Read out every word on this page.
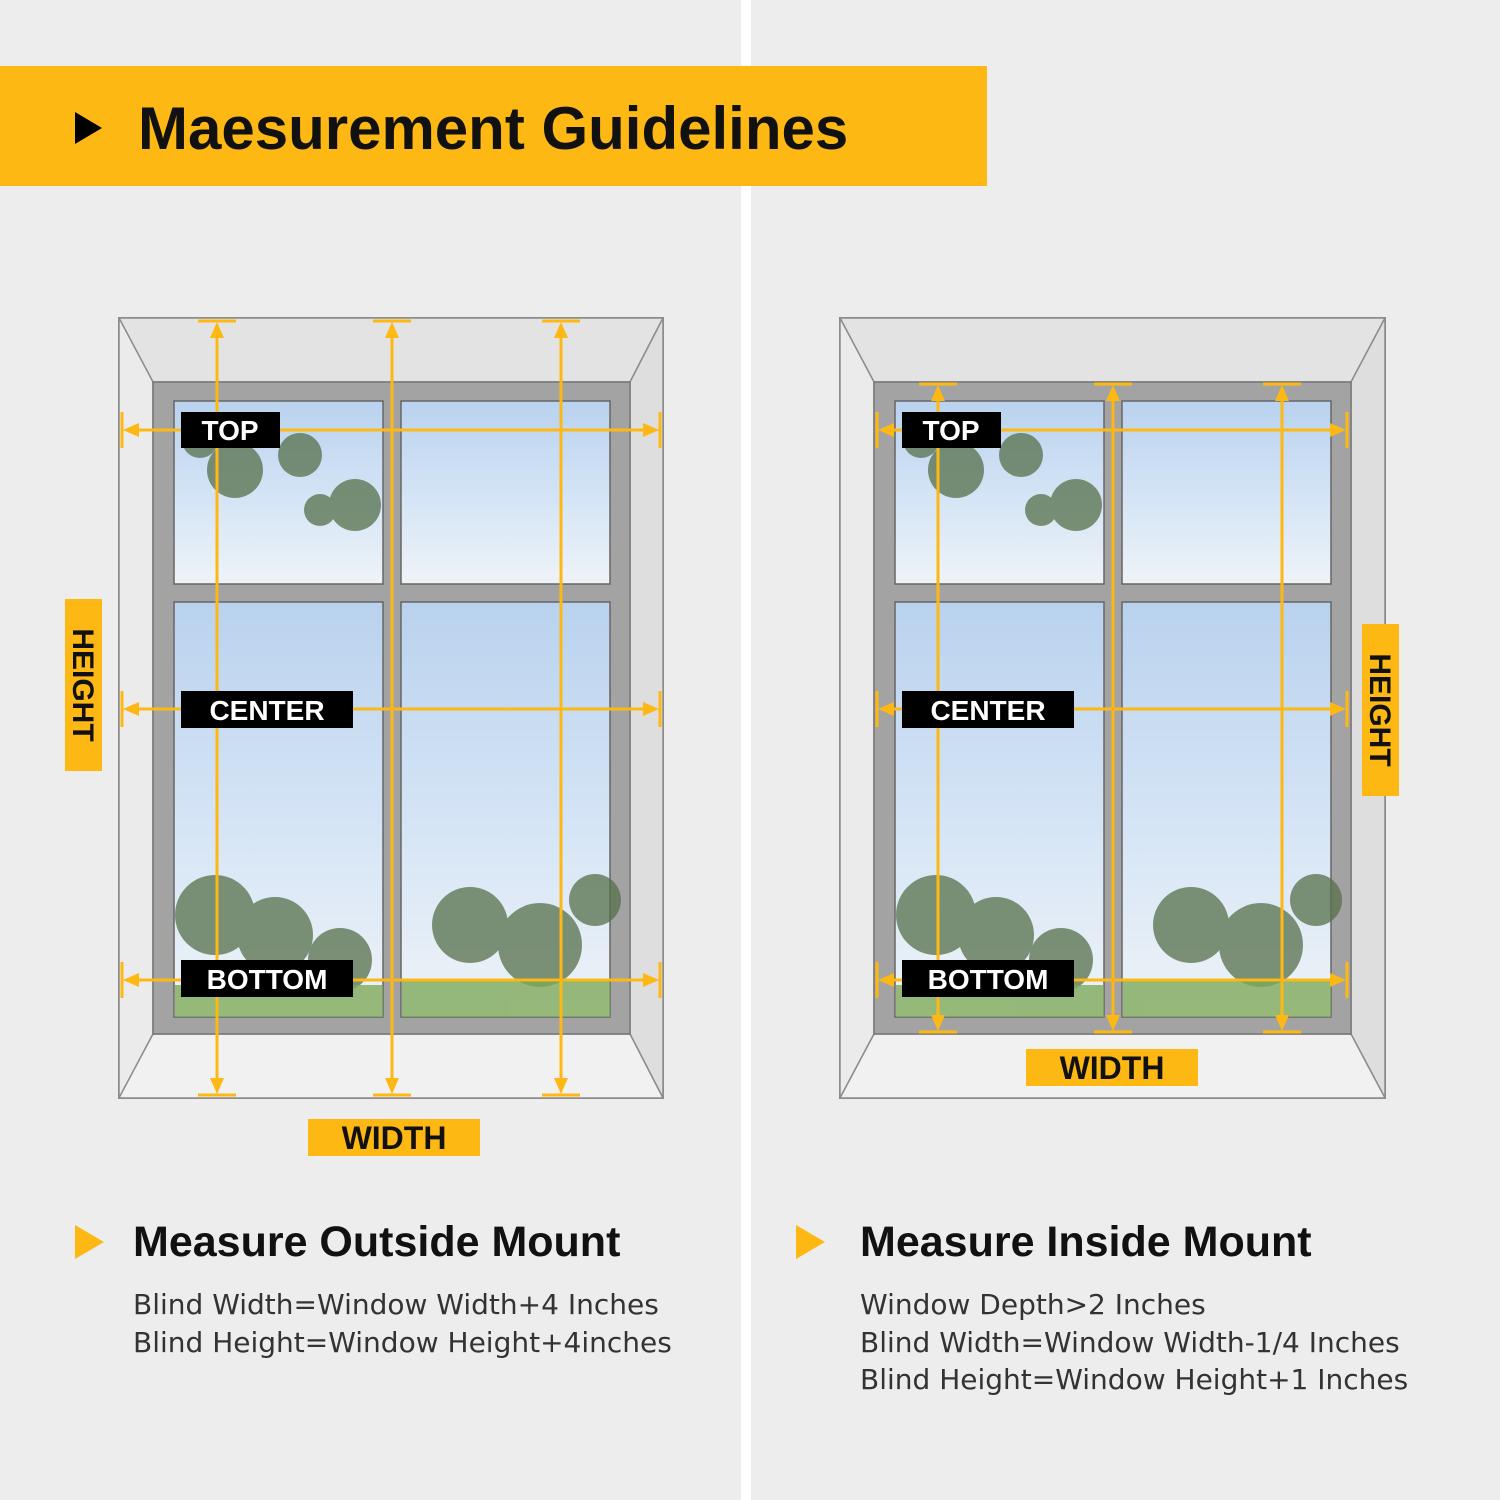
Maesurement Guidelines
TOP
CENTER
BOTTOM
HEIGHT
WIDTH
TOP
CENTER
BOTTOM
HEIGHT
WIDTH
Measure Outside Mount
Blind Width=Window Width+4 Inches
Blind Height=Window Height+4inches
Measure Inside Mount
Window Depth>2 Inches
Blind Width=Window Width-1/4 Inches
Blind Height=Window Height+1 Inches
